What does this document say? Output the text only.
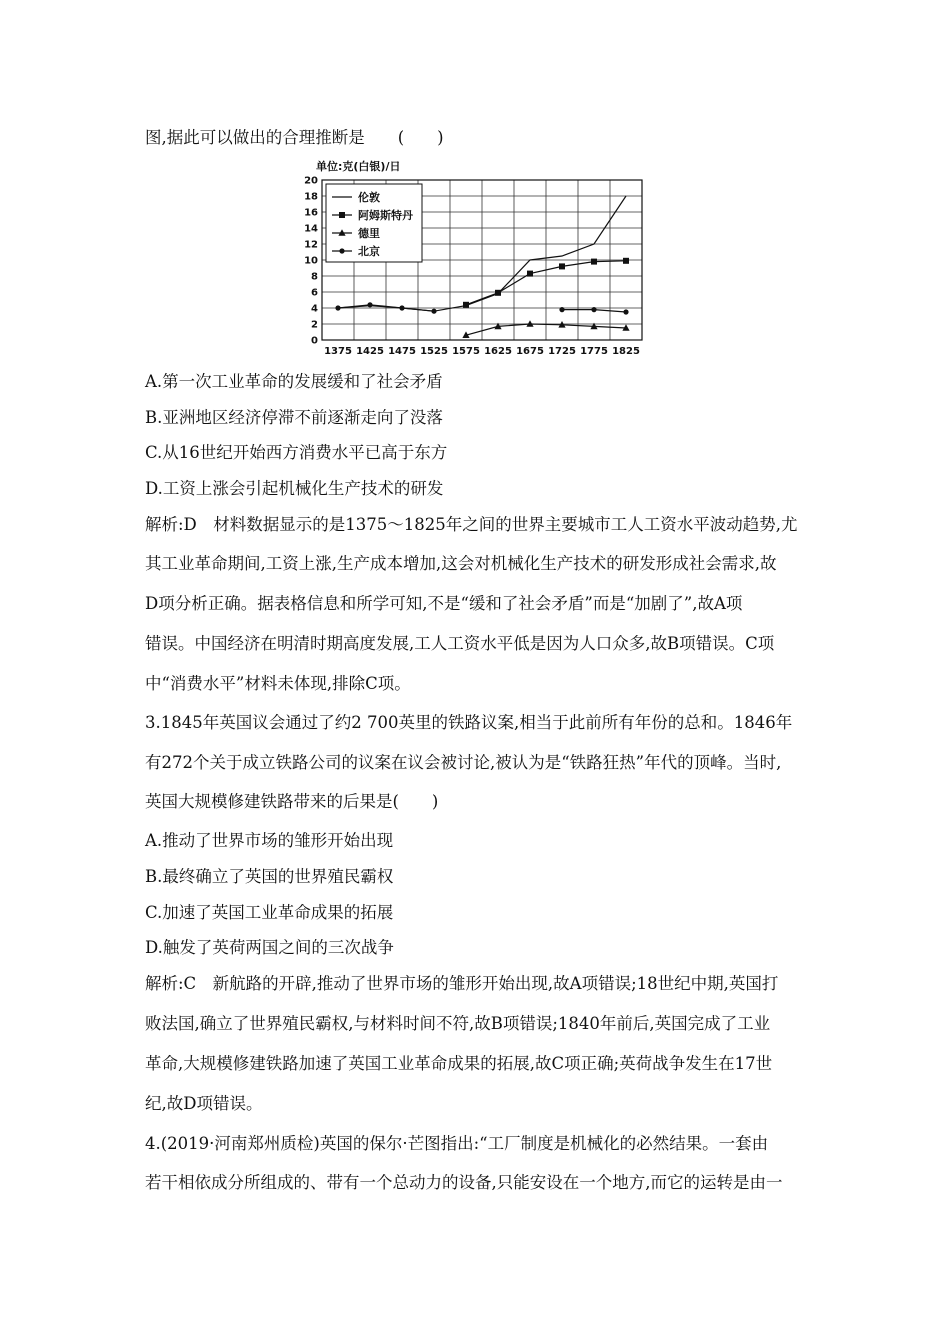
图,据此可以做出的合理推断是　　(　　)
单位:克(白银)/日
0
2
4
6
8
10
12
14
16
18
20
1375 1425 1475 1525 1575 1625 1675 1725 1775 1825
伦敦
阿姆斯特丹
德里
北京
A.第一次工业革命的发展缓和了社会矛盾
B.亚洲地区经济停滞不前逐渐走向了没落
C.从16世纪开始西方消费水平已高于东方
D.工资上涨会引起机械化生产技术的研发
解析:D　材料数据显示的是1375～1825年之间的世界主要城市工人工资水平波动趋势,尤
其工业革命期间,工资上涨,生产成本增加,这会对机械化生产技术的研发形成社会需求,故
D项分析正确。据表格信息和所学可知,不是“缓和了社会矛盾”而是“加剧了”,故A项
错误。中国经济在明清时期高度发展,工人工资水平低是因为人口众多,故B项错误。C项
中“消费水平”材料未体现,排除C项。
3.1845年英国议会通过了约2 700英里的铁路议案,相当于此前所有年份的总和。1846年
有272个关于成立铁路公司的议案在议会被讨论,被认为是“铁路狂热”年代的顶峰。当时,
英国大规模修建铁路带来的后果是(　　)
A.推动了世界市场的雏形开始出现
B.最终确立了英国的世界殖民霸权
C.加速了英国工业革命成果的拓展
D.触发了英荷两国之间的三次战争
解析:C　新航路的开辟,推动了世界市场的雏形开始出现,故A项错误;18世纪中期,英国打
败法国,确立了世界殖民霸权,与材料时间不符,故B项错误;1840年前后,英国完成了工业
革命,大规模修建铁路加速了英国工业革命成果的拓展,故C项正确;英荷战争发生在17世
纪,故D项错误。
4.(2019·河南郑州质检)英国的保尔·芒图指出:“工厂制度是机械化的必然结果。一套由
若干相依成分所组成的、带有一个总动力的设备,只能安设在一个地方,而它的运转是由一
